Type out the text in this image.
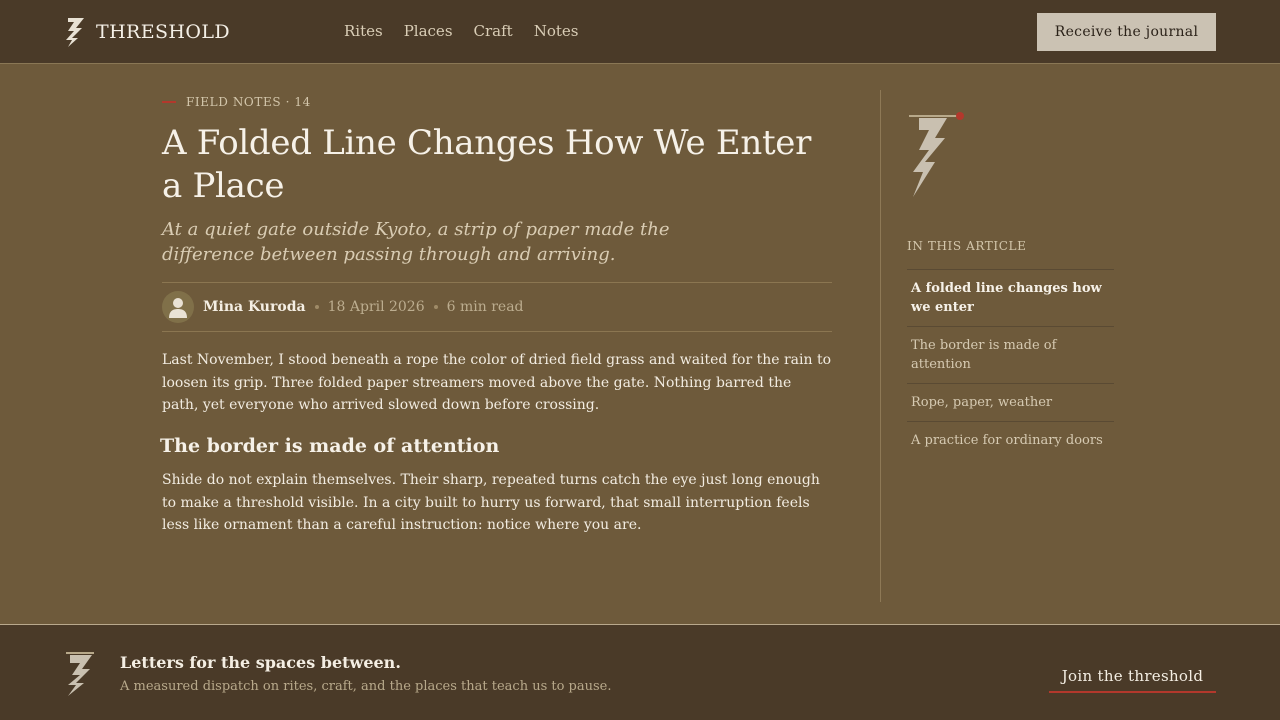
THRESHOLD	Rites Places Craft Notes	Receive the journal
FIELD NOTES · 14
A Folded Line Changes How We Enter a Place

At a quiet gate outside Kyoto, a strip of paper made the difference between passing through and arriving.

Mina Kuroda 18 April 2026 6 min read

Last November, I stood beneath a rope the color of dried field grass and waited for the rain to loosen its grip. Three folded paper streamers moved above the gate. Nothing barred the path, yet everyone who arrived slowed down before crossing.

The border is made of attention

Shide do not explain themselves. Their sharp, repeated turns catch the eye just long enough to make a threshold visible. In a city built to hurry us forward, that small interruption feels less like ornament than a careful instruction: notice where you are.

IN THIS ARTICLE
A folded line changes how we enter
The border is made of attention
Rope, paper, weather
A practice for ordinary doors
Letters for the spaces between.
A measured dispatch on rites, craft, and the places that teach us to pause.
Join the threshold
